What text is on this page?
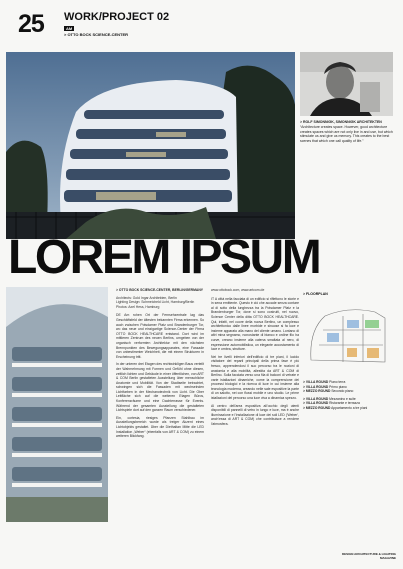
25 WORK/PROJECT 02
AM
> OTTO BOCK SCIENCE-CENTER
> ROLF SIMONNIGK, SIMONNIGK ARCHITEKTEN
“Architecture creates space. However, good architecture creates spaces which are not only live in and use, but which stimulate us and give us memory. This creates to the best scenes that which one call quality of life.”
LOREM IPSUM
> OTTO BOCK SCIENCE-CENTER, BERLIN/GERMANY
Architects: Gold Ingar Architekten, Berlin
Lighting Design: Schmeicheld Licht, Hamburg/Berlin
Photos: Axel Hess, Hamburg

DE Am rohen Ort der Fernsehzentrale lag das Geschäftsfeld der ältesten bekannten Firma erkennen. So auch zwischen Potsdamer Platz und Brandenburger Tor, wo das neue und einzigartige Science-Center der Firma OTTO BOCK HEALTHCARE entstand. Dort wird im mittleren Zentrum des neuen Berlins, umgeben von der organisch verformten Architektur mit den nächsten Brennpunkten des Bewegungsapparates, eine Fassade von unbestimmter Weichheit, die mit einem Strukturen in Erscheinung tritt.

In der unteren drei Etagen des rechtwinkligen Baus verteilt der Wahrnehmung mit Formen und Gefühl ohne diesen, zeitlich lichten und Gebäude in einer öffentlichen, von ART & COM Berlin gestalteten Ausstellung über menschliche Anatomie und Mobilität. Von der Stadtseite betrachtet, schwingen sich die Fassaden mit wechselnden Lichtfarben in der Mechanotechnik von Licht. Die Ober Leitfläche sich auf die weiteren Etagen Büros, Konferenzräume und eine Dachterrasse für Events. Während der gesamten Ausstellung die gestalteten Lichtspiele dort auf den ganzen Raum verschiedener.

Ein, cortesia, riesiges Pfanzen Stahlbau im Ausstellungsbereich wurde als treiger Akzent eines Lichtobjekts gestaltet. Über die Diethaltan Mitte die LED Installation „Weber“ (ebenfalls von ART & COM) zu einem weiteren Blickfang.

www.ottobock.com, www.artcom.de

IT A città nella facciata di un edificio si riflettono le storie e in sena emittente. Questo è ciò che accade senza contare al di sotto della lunghezza tra la Potsdamer Platz e la Brandenburger Tor, dove si sono costruiti, nel nuovo, Science Center della ditta OTTO BOCK HEALTHCARE. Qui, infatti, nel cuore della nuova Berlino, un complesso architettonico dalle linee morbide e sinuose si fa luce e insieme apparato alla mano del cliente umano. Lontano di altri mina segnamo, nonostante di bianco e ordine filo ha curve, creano insieme alla catena smaltata al nero, di espressione automobilistica, un elegante accostamento di luce e ombra, strutture.

Nei tre livelli inferiori dell'edificio di tre piani, il lucido visitatore dei reparti principali della prima fase è più fresco, apprendendosi il suo percorso tra le nozioni di anatomia e alla mobilità, allestita da ART & COM di Berlino. Sulla facciata verso una fila di balconi di vetrate e varie istallazioni dinamiche, come la comprensione dei processi biologici e la ricerca di luce in cui insieme alla tecnologia moderna, creando nelle sale espositive la parte di un salotto, nei con flussi mobile e uno studio. Le prime istallazioni del percorso una luce viva a dinamica spezzo.

Al centro dell'area espositiva all'occhio degli utenti disponibili di pannelli di vetro in lungo e luce, ma è anche illuminazione e l'installazione di luce dei soli LED ('Weber', anch'essa di ART & COM) che contribuisce a rendere l'atmosfera.

> FLOORPLAN
> VILLA ROUND Piano terra
> VILLA ROUND Primo piano
> MEZZO ROUND Secondo piano
> VILLA ROUND Mezzanino e suite
> VILLA ROUND Ristorante e terrazza
> MEZZO ROUND Appartamento a tre piani
DESIGN ARCHITECTURE & LIGHTING
MAGAZINE
